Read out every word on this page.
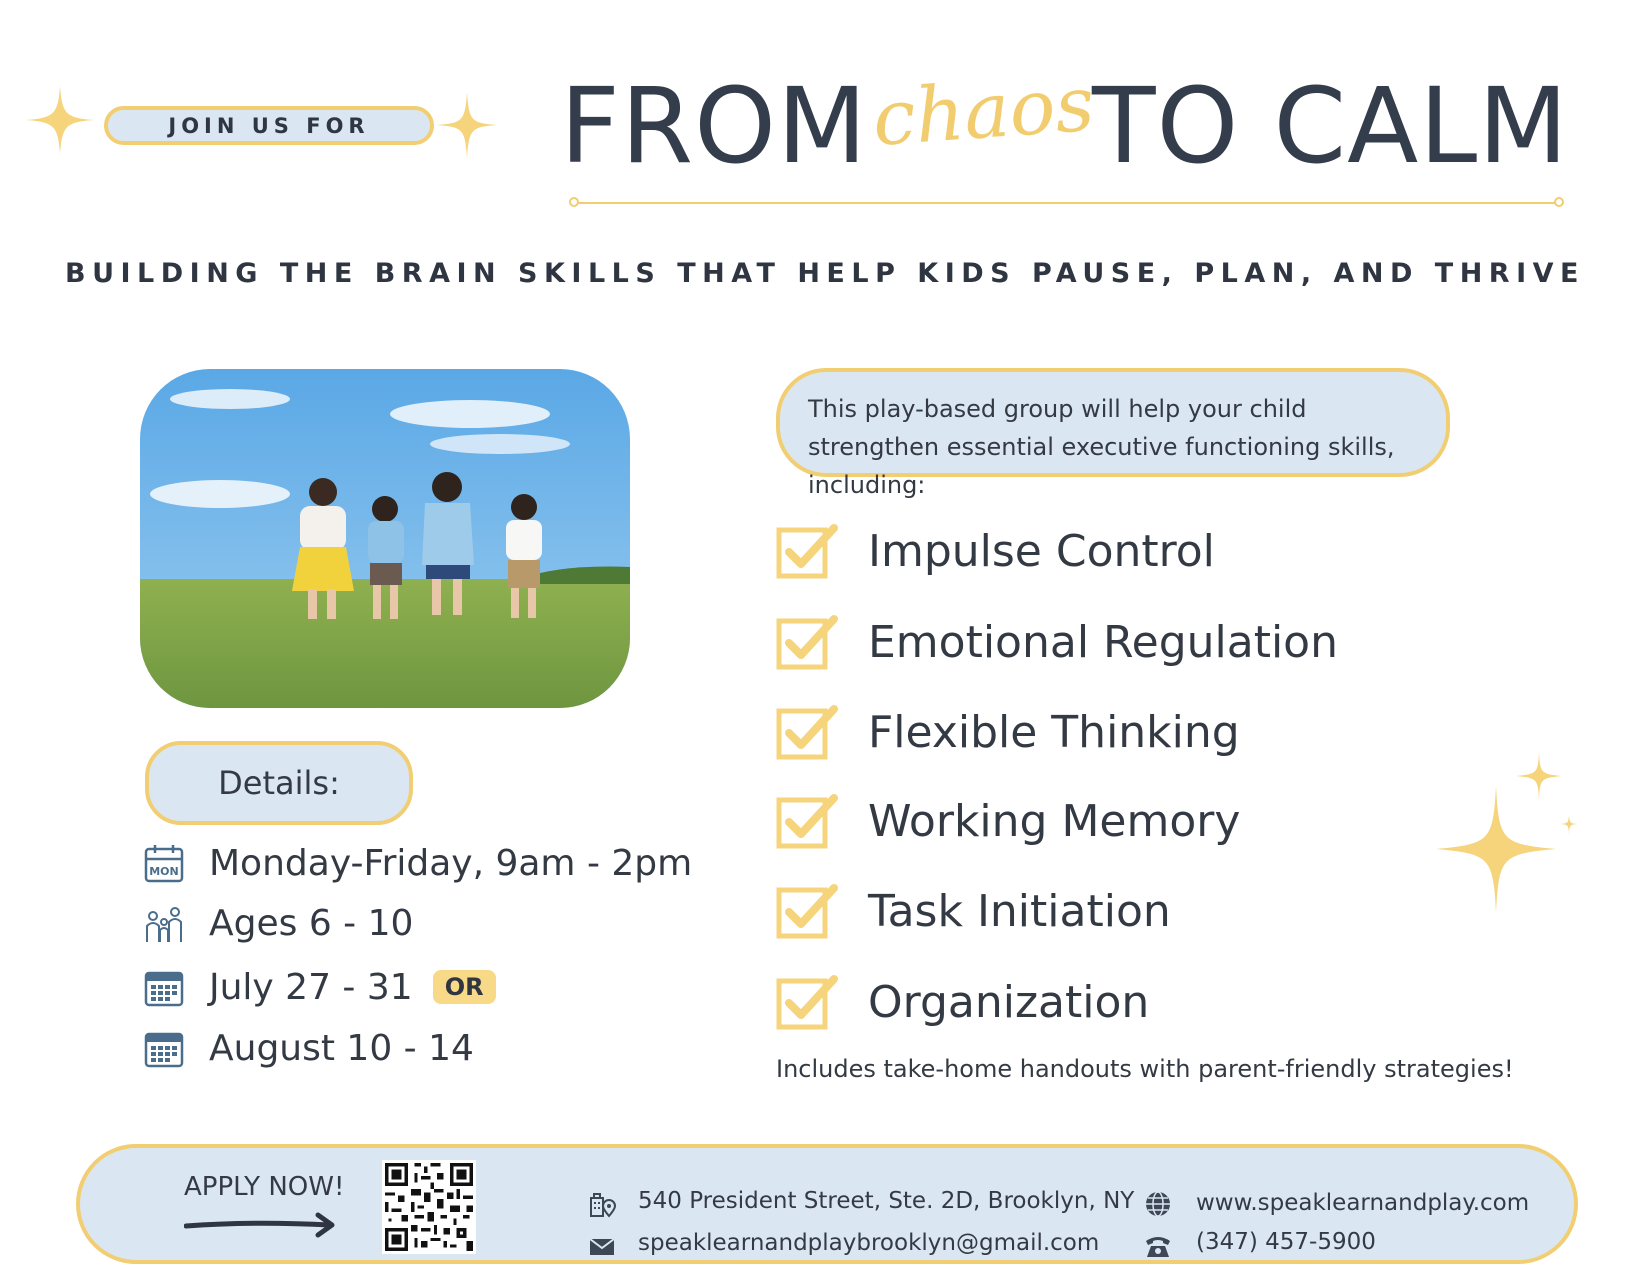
JOIN US FOR	FROM chaos
TO CALM
BUILDING THE BRAIN SKILLS THAT HELP KIDS PAUSE, PLAN, AND THRIVE
Details:
MON Monday-Friday, 9am - 2pm
Ages 6 - 10
July 27 - 31	OR
August 10 - 14
This play-based group will help your child strengthen essential executive functioning skills, including:
Impulse Control
Emotional Regulation
Flexible Thinking
Working Memory
Task Initiation
Organization
Includes take-home handouts with parent-friendly strategies!
APPLY NOW!	540 President Street, Ste. 2D, Brooklyn, NY
speaklearnandplaybrooklyn@gmail.com
www.speaklearnandplay.com
(347) 457-5900
